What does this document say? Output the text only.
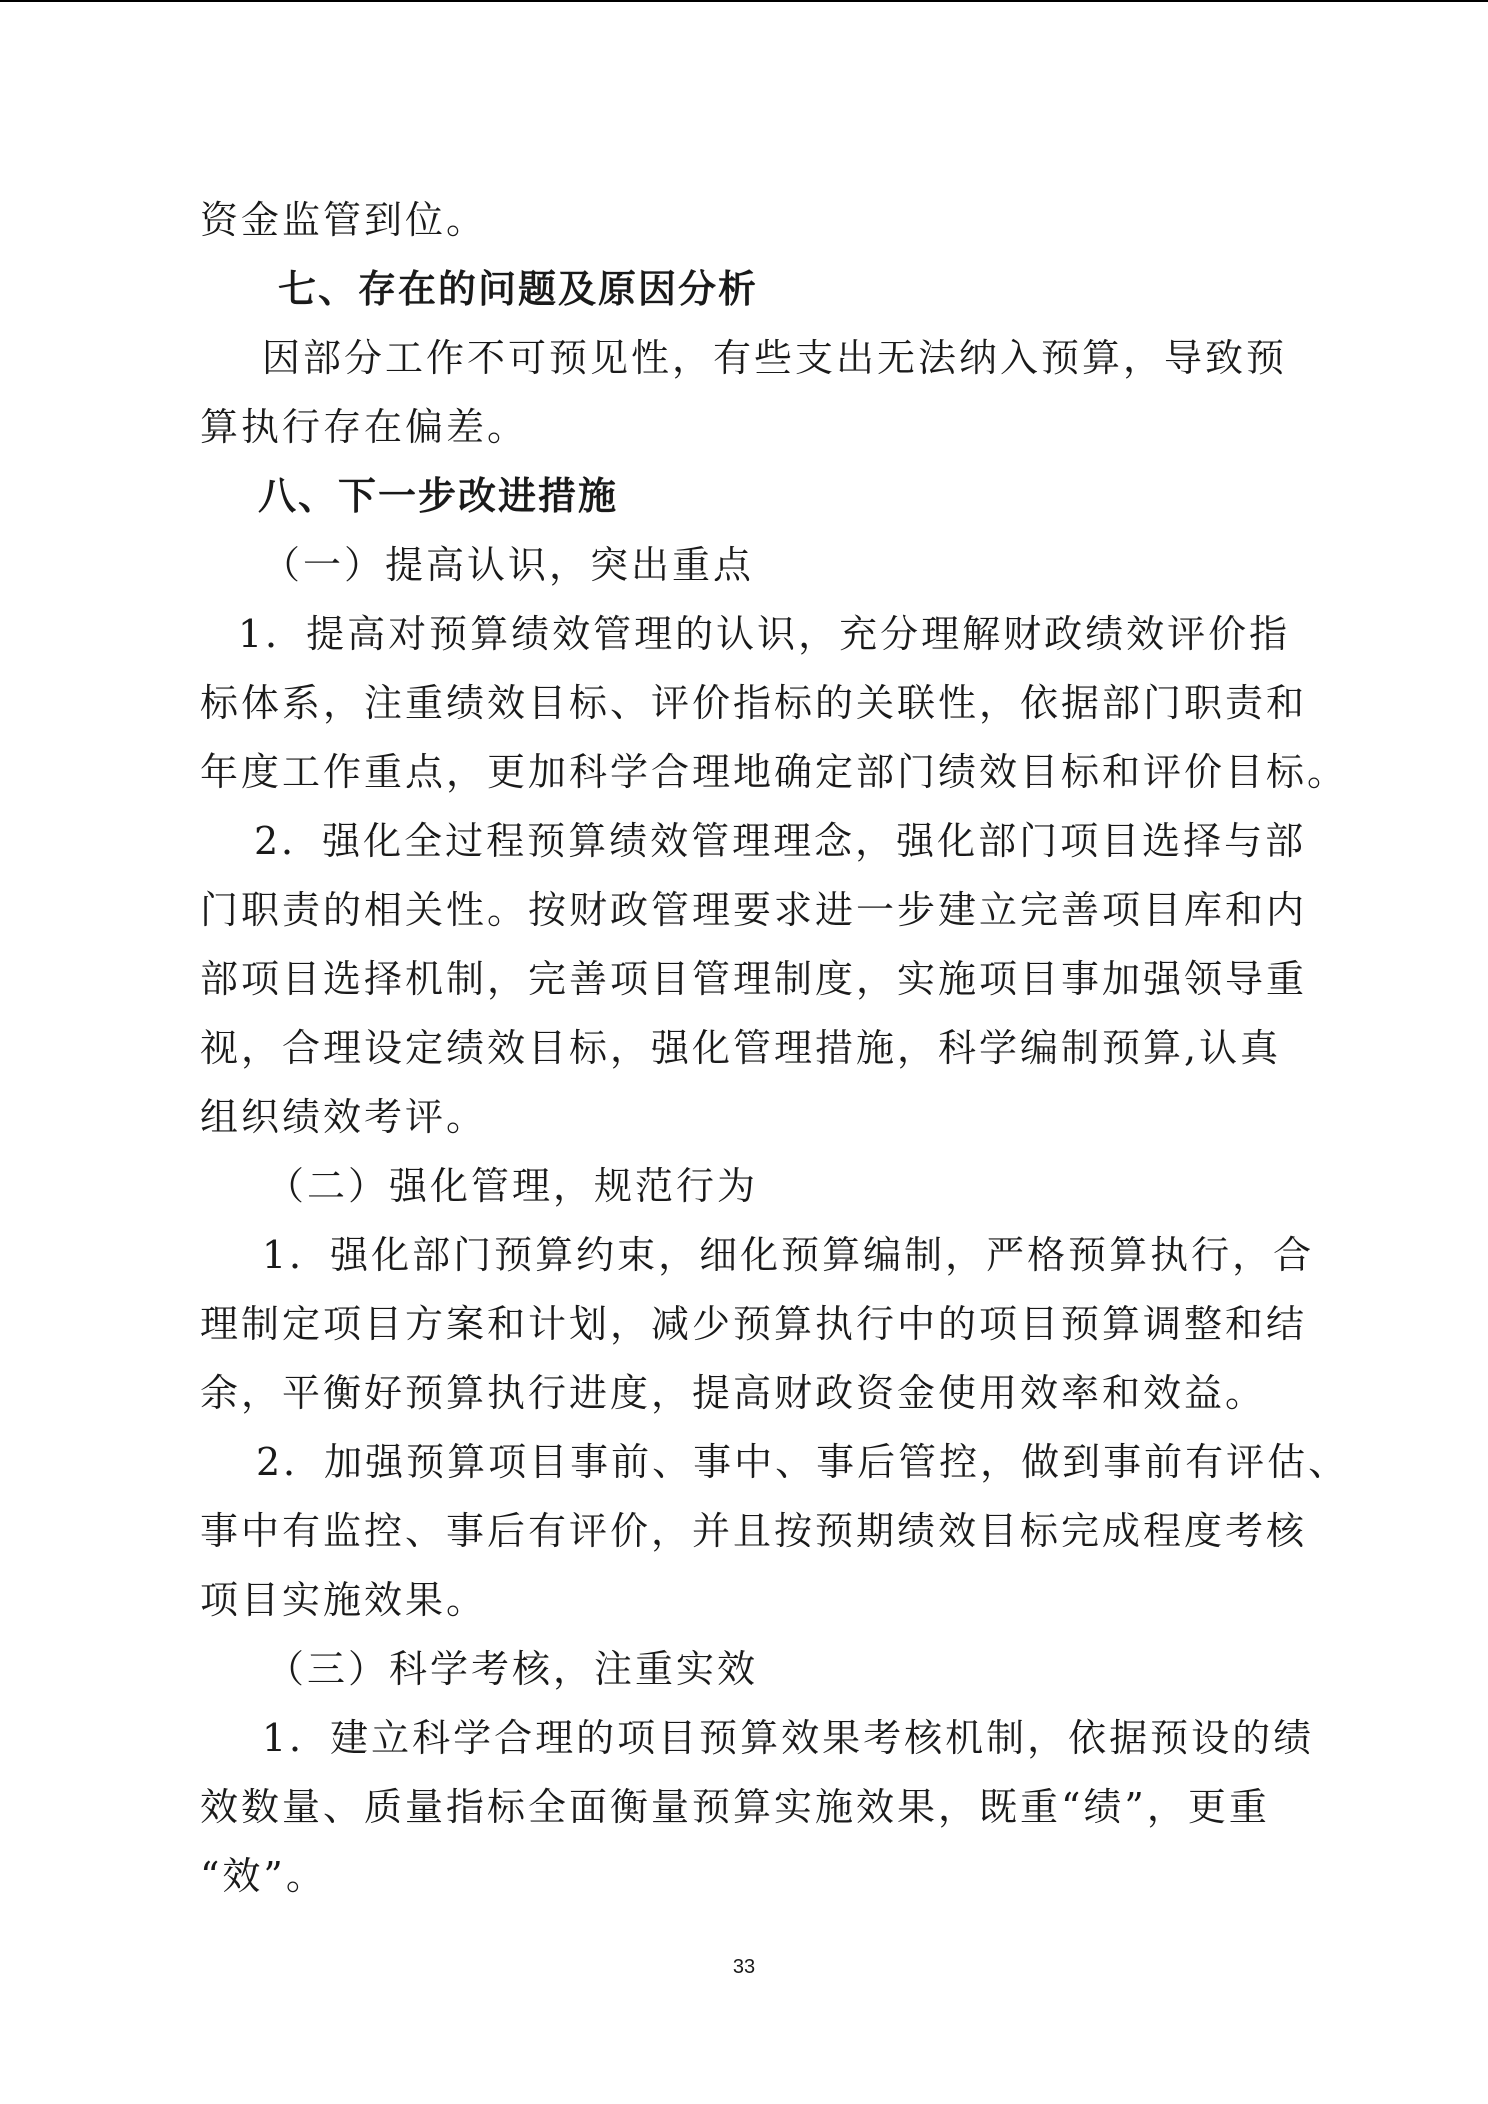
资金监管到位。
七、存在的问题及原因分析
因部分工作不可预见性，有些支出无法纳入预算，导致预
算执行存在偏差。
八、下一步改进措施
（一）提高认识，突出重点
1．提高对预算绩效管理的认识，充分理解财政绩效评价指
标体系，注重绩效目标、评价指标的关联性，依据部门职责和
年度工作重点，更加科学合理地确定部门绩效目标和评价目标。
2．强化全过程预算绩效管理理念，强化部门项目选择与部
门职责的相关性。按财政管理要求进一步建立完善项目库和内
部项目选择机制，完善项目管理制度，实施项目事加强领导重
视，合理设定绩效目标，强化管理措施，科学编制预算,认真
组织绩效考评。
（二）强化管理，规范行为
1．强化部门预算约束，细化预算编制，严格预算执行，合
理制定项目方案和计划，减少预算执行中的项目预算调整和结
余，平衡好预算执行进度，提高财政资金使用效率和效益。
2．加强预算项目事前、事中、事后管控，做到事前有评估、
事中有监控、事后有评价，并且按预期绩效目标完成程度考核
项目实施效果。
（三）科学考核，注重实效
1．建立科学合理的项目预算效果考核机制，依据预设的绩
效数量、质量指标全面衡量预算实施效果，既重“绩”，更重
“效”。
33
